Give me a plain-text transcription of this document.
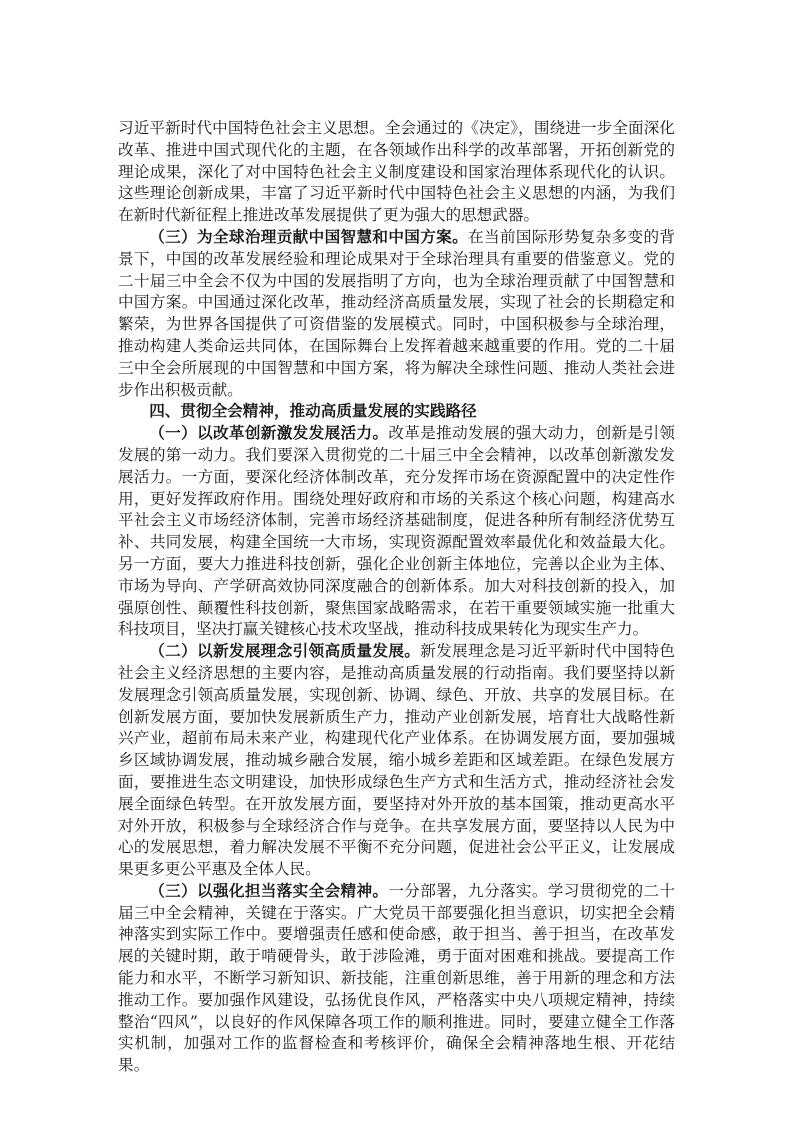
习近平新时代中国特色社会主义思想。全会通过的《决定》，围绕进一步全面深化改革、推进中国式现代化的主题，在各领域作出科学的改革部署，开拓创新党的理论成果，深化了对中国特色社会主义制度建设和国家治理体系现代化的认识。这些理论创新成果，丰富了习近平新时代中国特色社会主义思想的内涵，为我们在新时代新征程上推进改革发展提供了更为强大的思想武器。

（三）为全球治理贡献中国智慧和中国方案。在当前国际形势复杂多变的背景下，中国的改革发展经验和理论成果对于全球治理具有重要的借鉴意义。党的二十届三中全会不仅为中国的发展指明了方向，也为全球治理贡献了中国智慧和中国方案。中国通过深化改革，推动经济高质量发展，实现了社会的长期稳定和繁荣，为世界各国提供了可资借鉴的发展模式。同时，中国积极参与全球治理，推动构建人类命运共同体，在国际舞台上发挥着越来越重要的作用。党的二十届三中全会所展现的中国智慧和中国方案，将为解决全球性问题、推动人类社会进步作出积极贡献。

四、贯彻全会精神，推动高质量发展的实践路径

（一）以改革创新激发发展活力。改革是推动发展的强大动力，创新是引领发展的第一动力。我们要深入贯彻党的二十届三中全会精神，以改革创新激发发展活力。一方面，要深化经济体制改革，充分发挥市场在资源配置中的决定性作用，更好发挥政府作用。围绕处理好政府和市场的关系这个核心问题，构建高水平社会主义市场经济体制，完善市场经济基础制度，促进各种所有制经济优势互补、共同发展，构建全国统一大市场，实现资源配置效率最优化和效益最大化。另一方面，要大力推进科技创新，强化企业创新主体地位，完善以企业为主体、市场为导向、产学研高效协同深度融合的创新体系。加大对科技创新的投入，加强原创性、颠覆性科技创新，聚焦国家战略需求，在若干重要领域实施一批重大科技项目，坚决打赢关键核心技术攻坚战，推动科技成果转化为现实生产力。

（二）以新发展理念引领高质量发展。新发展理念是习近平新时代中国特色社会主义经济思想的主要内容，是推动高质量发展的行动指南。我们要坚持以新发展理念引领高质量发展，实现创新、协调、绿色、开放、共享的发展目标。在创新发展方面，要加快发展新质生产力，推动产业创新发展，培育壮大战略性新兴产业，超前布局未来产业，构建现代化产业体系。在协调发展方面，要加强城乡区域协调发展，推动城乡融合发展，缩小城乡差距和区域差距。在绿色发展方面，要推进生态文明建设，加快形成绿色生产方式和生活方式，推动经济社会发展全面绿色转型。在开放发展方面，要坚持对外开放的基本国策，推动更高水平对外开放，积极参与全球经济合作与竞争。在共享发展方面，要坚持以人民为中心的发展思想，着力解决发展不平衡不充分问题，促进社会公平正义，让发展成果更多更公平惠及全体人民。

（三）以强化担当落实全会精神。一分部署，九分落实。学习贯彻党的二十届三中全会精神，关键在于落实。广大党员干部要强化担当意识，切实把全会精神落实到实际工作中。要增强责任感和使命感，敢于担当、善于担当，在改革发展的关键时期，敢于啃硬骨头，敢于涉险滩，勇于面对困难和挑战。要提高工作能力和水平，不断学习新知识、新技能，注重创新思维，善于用新的理念和方法推动工作。要加强作风建设，弘扬优良作风，严格落实中央八项规定精神，持续整治“四风”，以良好的作风保障各项工作的顺利推进。同时，要建立健全工作落实机制，加强对工作的监督检查和考核评价，确保全会精神落地生根、开花结果。
